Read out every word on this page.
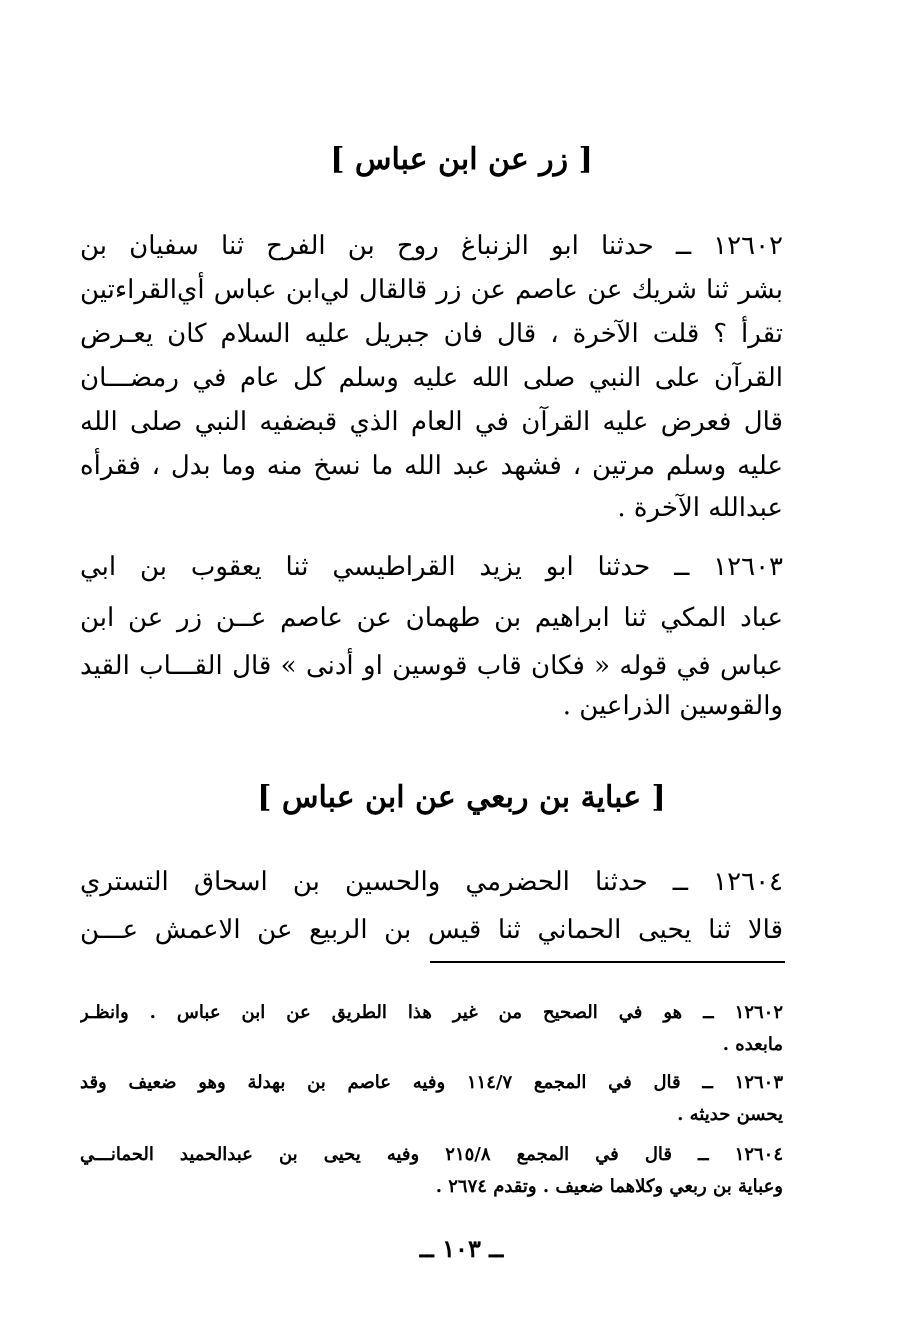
[ زر عن ابن عباس ]
١٢٦٠٢ ــ حدثنا ابو الزنباغ روح بن الفرح ثنا سفيان بن
بشر ثنا شريك عن عاصم عن زر قالقال لي‌ابن عباس أي‌القراءتين
تقرأ ؟ قلت الآخرة ، قال فان جبريل عليه السلام كان يعـرض
القرآن على النبي صلى الله عليه وسلم كل عام في رمضـــان
قال فعرض عليه القرآن في العام الذي قبضفيه النبي صلى الله
عليه وسلم مرتين ، فشهد عبد الله ما نسخ منه وما بدل ، فقرأه
عبدالله الآخرة .
١٢٦٠٣ ــ حدثنا ابو يزيد القراطيسي ثنا يعقوب بن ابي
عباد المكي ثنا ابراهيم بن طهمان عن عاصم عــن زر عن ابن
عباس في قوله « فكان قاب قوسين او أدنى » قال القـــاب القيد
والقوسين الذراعين .
[ عباية بن ربعي عن ابن عباس ]
١٢٦٠٤ ــ حدثنا الحضرمي والحسين بن اسحاق التستري
قالا ثنا يحيى الحماني ثنا قيس بن الربيع عن الاعمش عـــن
١٢٦٠٢ ــ هو في الصحيح من غير هذا الطريق عن ابن عباس . وانظـر
مابعده .
١٢٦٠٣ ــ قال في المجمع ١١٤/٧ وفيه عاصم بن بهدلة وهو ضعيف وقد
يحسن حديثه .
١٢٦٠٤ ــ قال في المجمع ٢١٥/٨ وفيه يحيى بن عبدالحميد الحمانـــي
وعباية بن ربعي وكلاهما ضعيف . وتقدم ٢٦٧٤ .
ــ ١٠٣ ــ
